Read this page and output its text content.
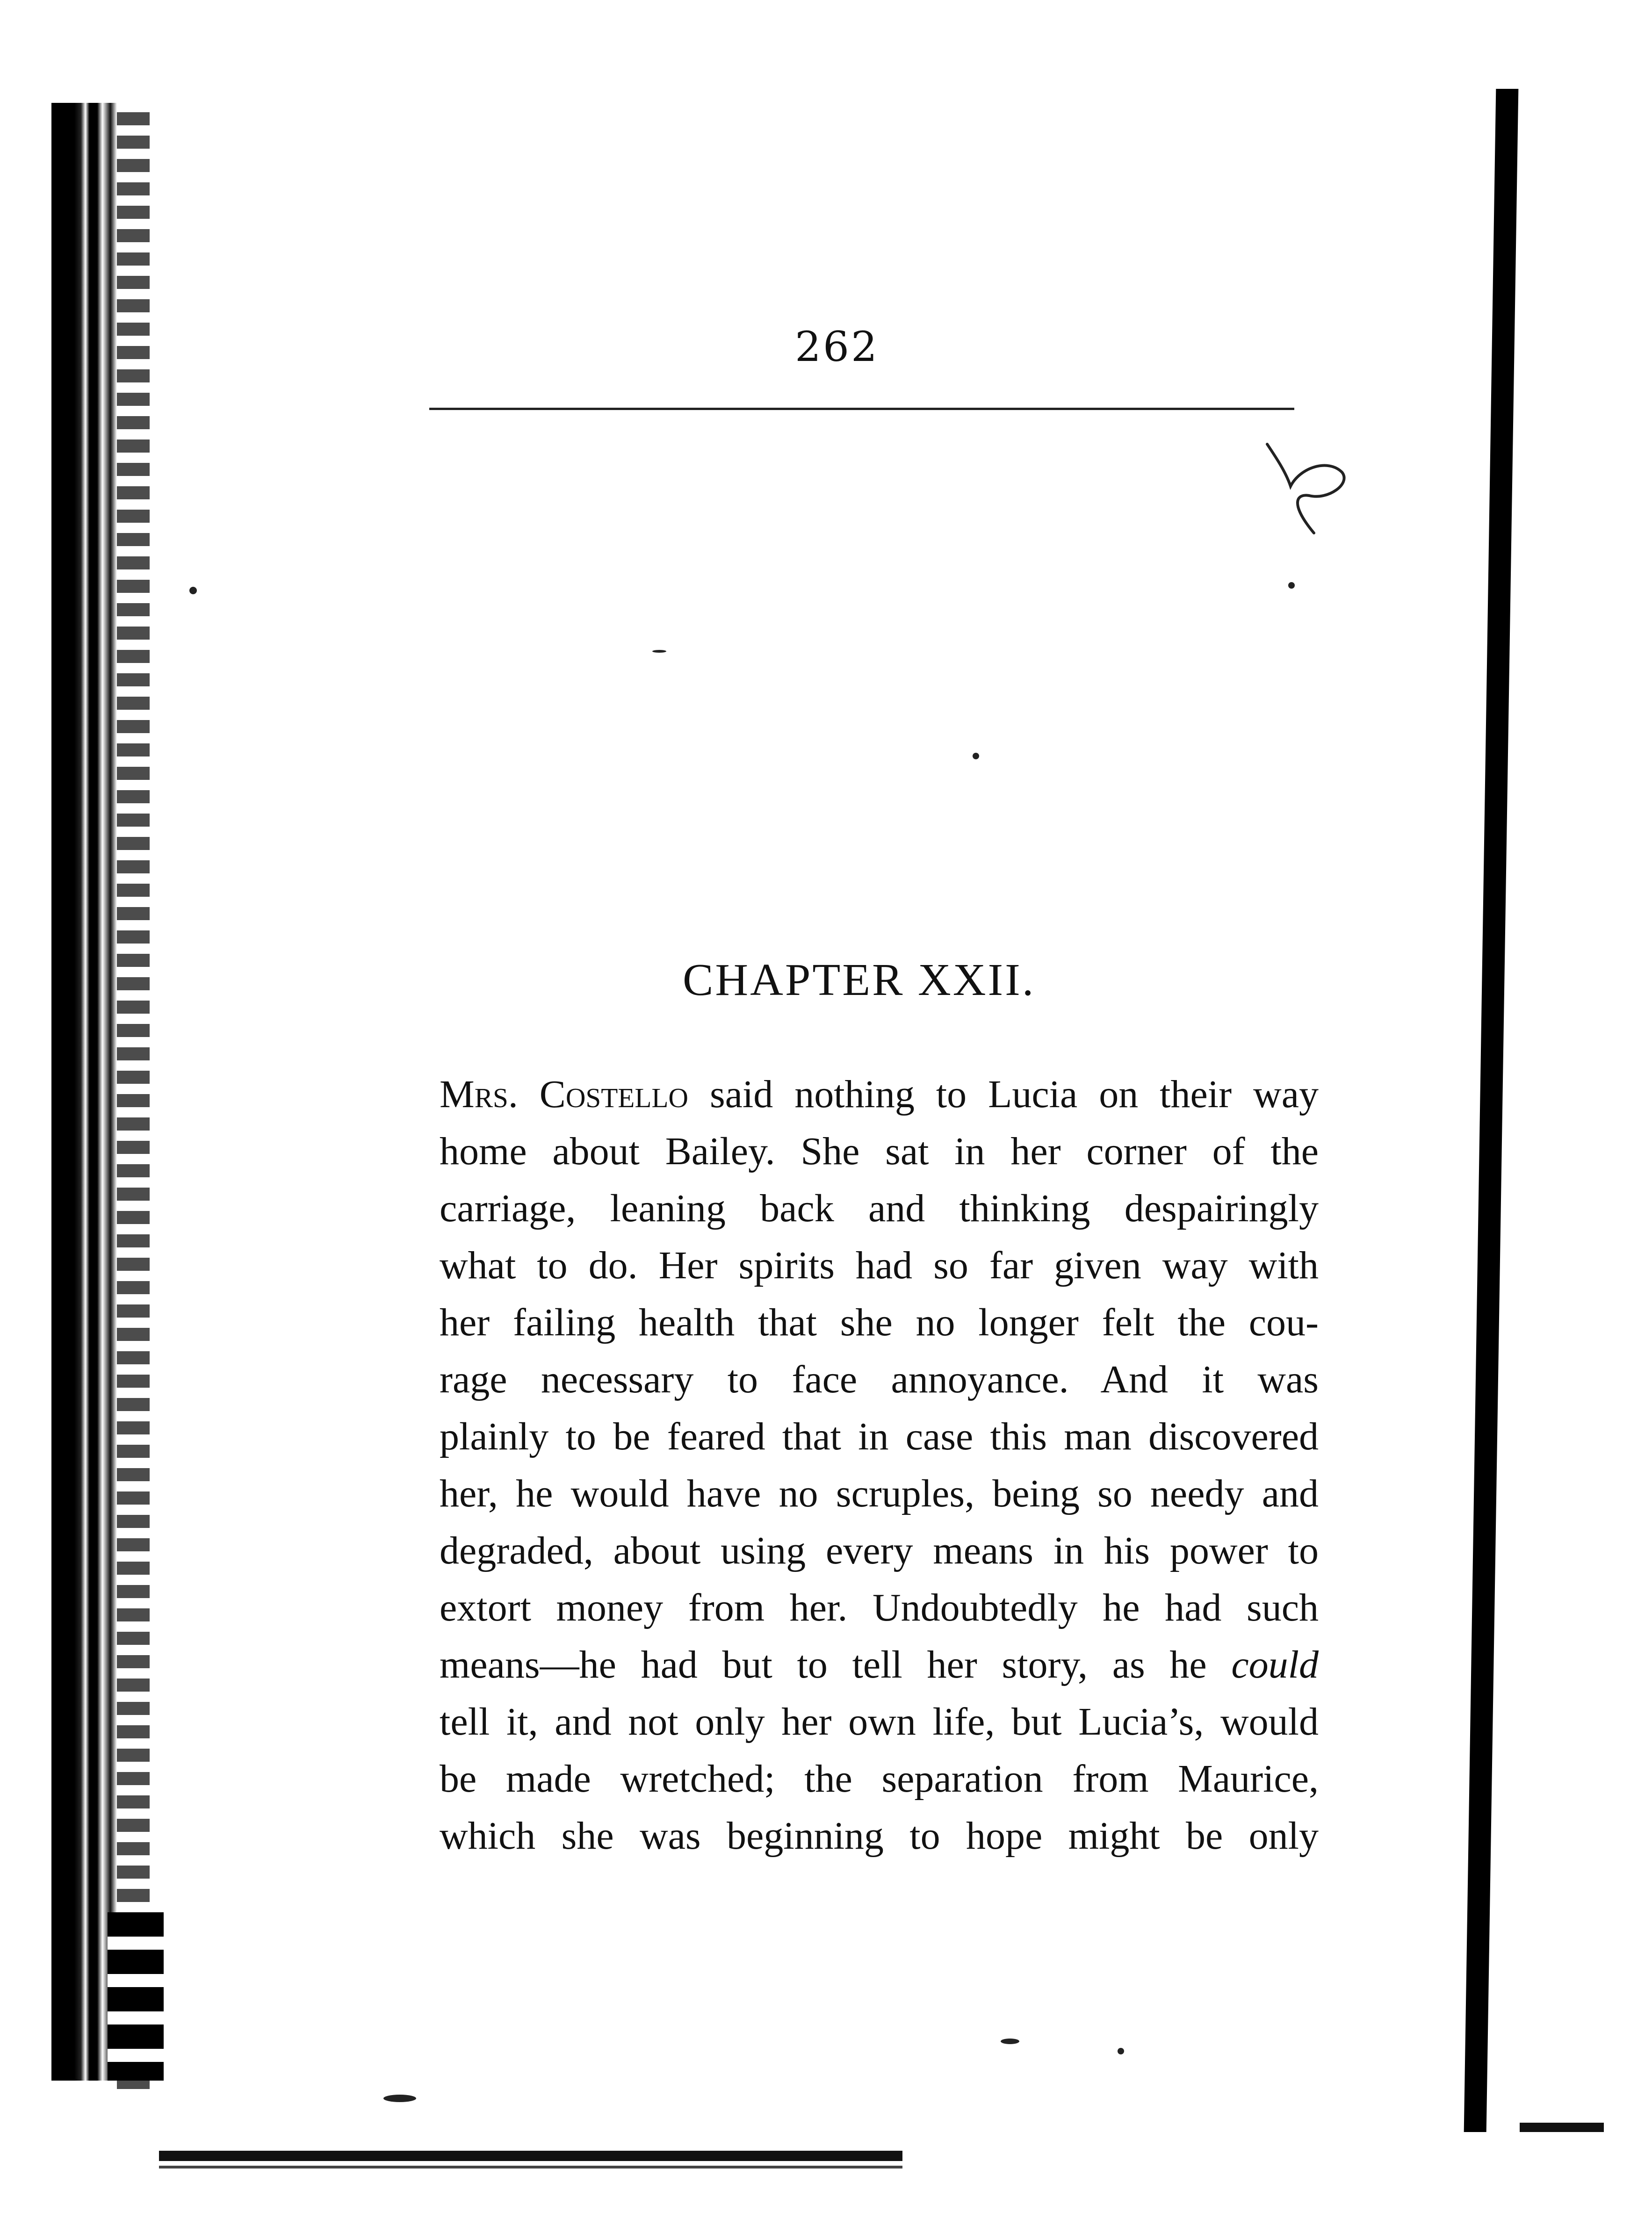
262
CHAPTER XXII.
Mrs. Costello said nothing to Lucia on their way
home about Bailey. She sat in her corner of the
carriage, leaning back and thinking despairingly
what to do. Her spirits had so far given way with
her failing health that she no longer felt the cou-
rage necessary to face annoyance. And it was
plainly to be feared that in case this man discovered
her, he would have no scruples, being so needy and
degraded, about using every means in his power to
extort money from her. Undoubtedly he had such
means—he had but to tell her story, as he could
tell it, and not only her own life, but Lucia’s, would
be made wretched; the separation from Maurice,
which she was beginning to hope might be only
